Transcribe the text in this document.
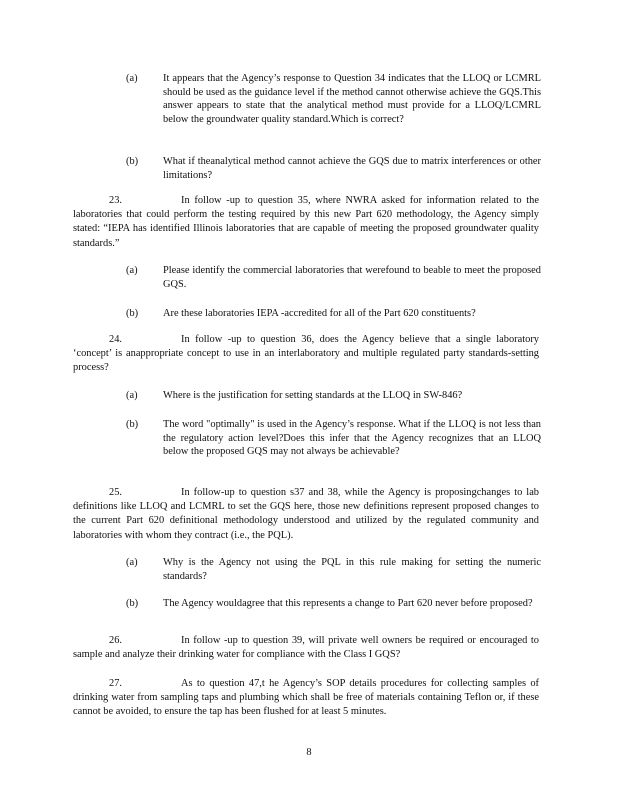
(a)	It appears that the Agency’s response to Question 34 indicates that the LLOQ or LCMRL should be used as the guidance level if the method cannot otherwise achieve the GQS.This answer appears to state that the analytical method must provide for a LLOQ/LCMRL below the groundwater quality standard.Which is correct?
(b)	What if theanalytical method cannot achieve the GQS due to matrix interferences or other limitations?
23.	In follow -up to question 35, where NWRA asked for information related to the laboratories that could perform the testing required by this new Part 620 methodology, the Agency simply stated: “IEPA has identified Illinois laboratories that are capable of meeting the proposed groundwater quality standards.”
(a)	Please identify the commercial laboratories that werefound to beable to meet the proposed GQS.
(b)	Are these laboratories IEPA -accredited for all of the Part 620 constituents?
24.	In follow -up to question 36, does the Agency believe that a single laboratory ‘concept’ is anappropriate concept to use in an interlaboratory and multiple regulated party standards-setting process?
(a)	Where is the justification for setting standards at the LLOQ in SW-846?
(b)	The word "optimally" is used in the Agency’s response. What if the LLOQ is not less than the regulatory action level?Does this infer that the Agency recognizes that an LLOQ below the proposed GQS may not always be achievable?
25.	In follow-up to question s37 and 38, while the Agency is proposingchanges to lab definitions like LLOQ and LCMRL to set the GQS here, those new definitions represent proposed changes to the current Part 620 definitional methodology understood and utilized by the regulated community and laboratories with whom they contract (i.e., the PQL).
(a)	Why is the Agency not using the PQL in this rule making for setting the numeric standards?
(b)	The Agency wouldagree that this represents a change to Part 620 never before proposed?
26.	In follow -up to question 39, will private well owners be required or encouraged to sample and analyze their drinking water for compliance with the Class I GQS?
27.	As to question 47,t he Agency’s SOP details procedures for collecting samples of drinking water from sampling taps and plumbing which shall be free of materials containing Teflon or, if these cannot be avoided, to ensure the tap has been flushed for at least 5 minutes.
8
